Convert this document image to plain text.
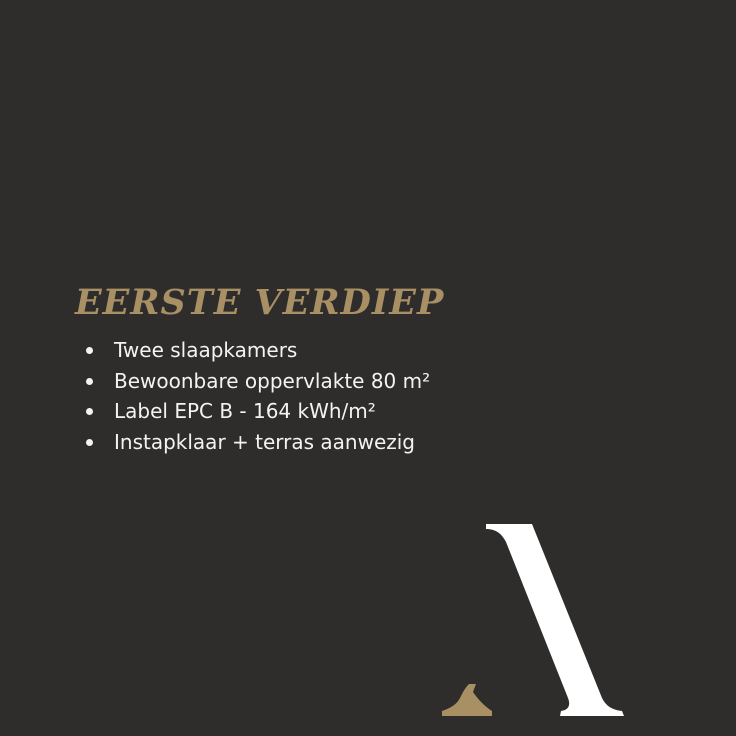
EERSTE VERDIEP
Twee slaapkamers
Bewoonbare oppervlakte 80 m²
Label EPC B - 164 kWh/m²
Instapklaar + terras aanwezig
